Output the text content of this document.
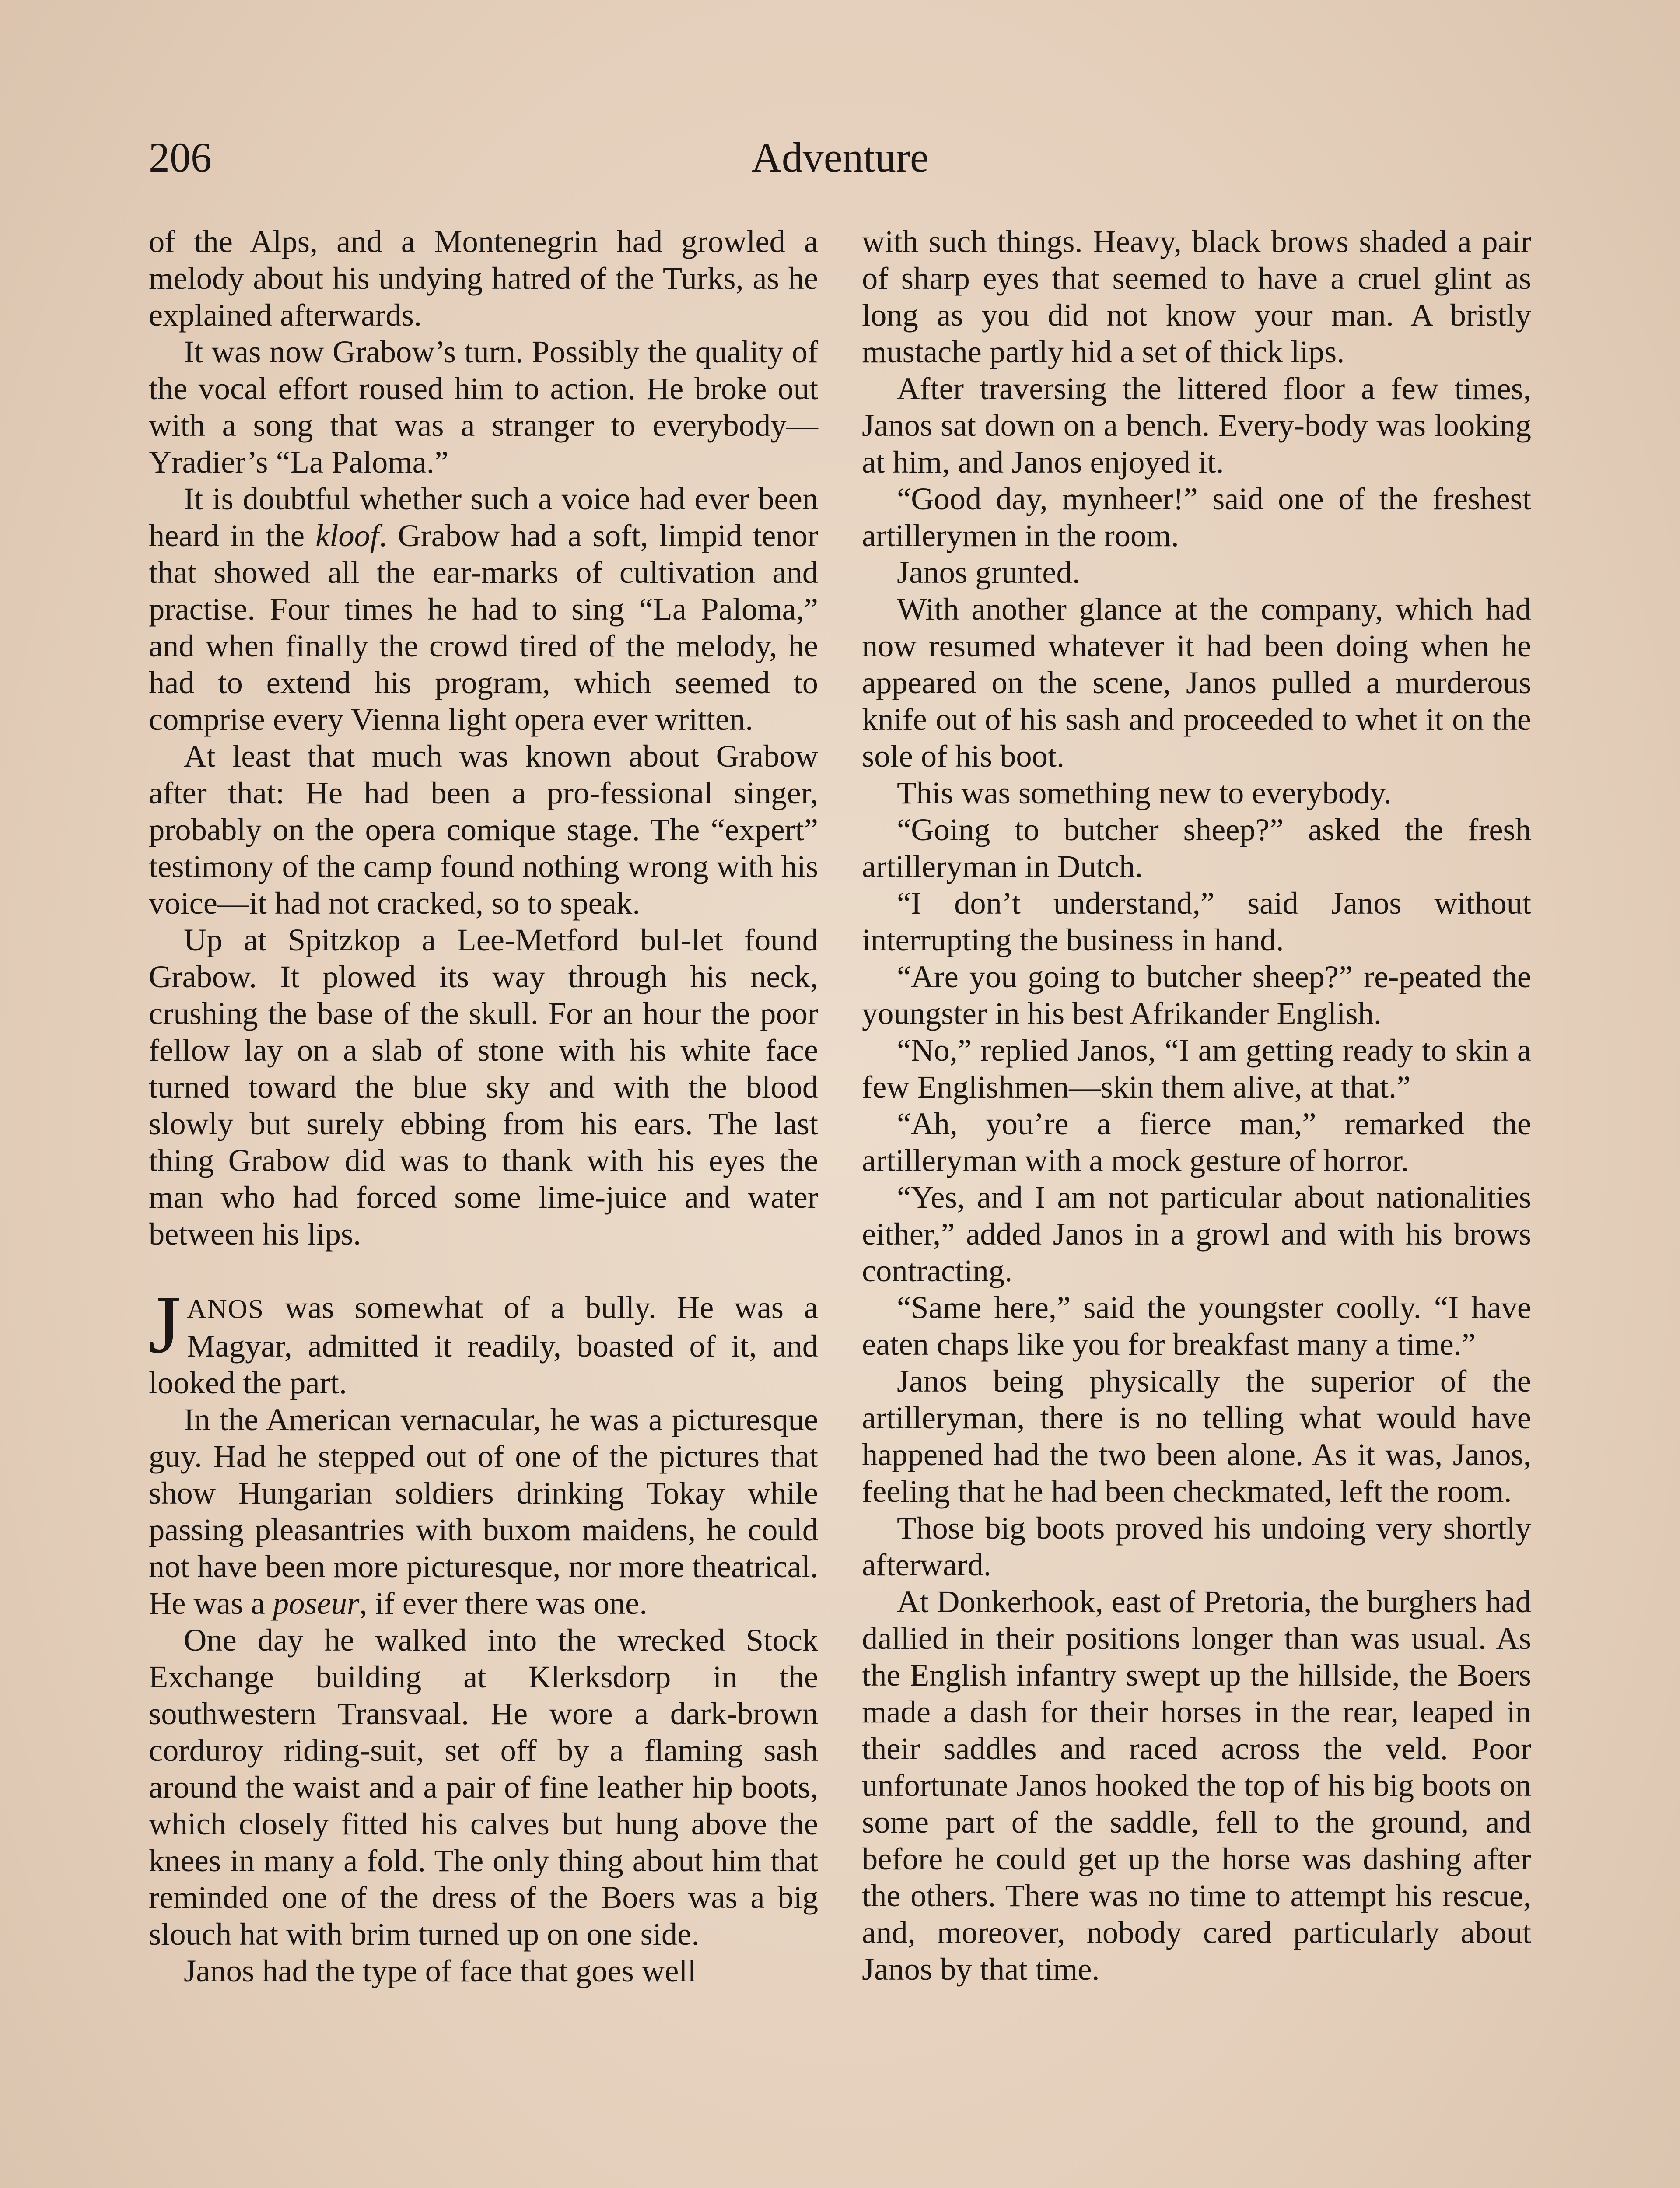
206	Adventure

of the Alps, and a Montenegrin had growled a melody about his undying hatred of the Turks, as he explained afterwards.

It was now Grabow’s turn. Possibly the quality of the vocal effort roused him to action. He broke out with a song that was a stranger to everybody—Yradier’s “La Paloma.”

It is doubtful whether such a voice had ever been heard in the kloof. Grabow had a soft, limpid tenor that showed all the ear-marks of cultivation and practise. Four times he had to sing “La Paloma,” and when finally the crowd tired of the melody, he had to extend his program, which seemed to comprise every Vienna light opera ever written.

At least that much was known about Grabow after that: He had been a pro-fessional singer, probably on the opera comique stage. The “expert” testimony of the camp found nothing wrong with his voice—it had not cracked, so to speak.

Up at Spitzkop a Lee-Metford bul-let found Grabow. It plowed its way through his neck, crushing the base of the skull. For an hour the poor fellow lay on a slab of stone with his white face turned toward the blue sky and with the blood slowly but surely ebbing from his ears. The last thing Grabow did was to thank with his eyes the man who had forced some lime-juice and water between his lips.

JANOS was somewhat of a bully. He was a Magyar, admitted it readily, boasted of it, and looked the part.

In the American vernacular, he was a picturesque guy. Had he stepped out of one of the pictures that show Hungarian soldiers drinking Tokay while passing pleasantries with buxom maidens, he could not have been more picturesque, nor more theatrical. He was a poseur, if ever there was one.

One day he walked into the wrecked Stock Exchange building at Klerksdorp in the southwestern Transvaal. He wore a dark-brown corduroy riding-suit, set off by a flaming sash around the waist and a pair of fine leather hip boots, which closely fitted his calves but hung above the knees in many a fold. The only thing about him that reminded one of the dress of the Boers was a big slouch hat with brim turned up on one side.

Janos had the type of face that goes well

with such things. Heavy, black brows shaded a pair of sharp eyes that seemed to have a cruel glint as long as you did not know your man. A bristly mustache partly hid a set of thick lips.

After traversing the littered floor a few times, Janos sat down on a bench. Every-body was looking at him, and Janos enjoyed it.

“Good day, mynheer!” said one of the freshest artillerymen in the room.

Janos grunted.

With another glance at the company, which had now resumed whatever it had been doing when he appeared on the scene, Janos pulled a murderous knife out of his sash and proceeded to whet it on the sole of his boot.

This was something new to everybody.

“Going to butcher sheep?” asked the fresh artilleryman in Dutch.

“I don’t understand,” said Janos without interrupting the business in hand.

“Are you going to butcher sheep?” re-peated the youngster in his best Afrikander English.

“No,” replied Janos, “I am getting ready to skin a few Englishmen—skin them alive, at that.”

“Ah, you’re a fierce man,” remarked the artilleryman with a mock gesture of horror.

“Yes, and I am not particular about nationalities either,” added Janos in a growl and with his brows contracting.

“Same here,” said the youngster coolly. “I have eaten chaps like you for breakfast many a time.”

Janos being physically the superior of the artilleryman, there is no telling what would have happened had the two been alone. As it was, Janos, feeling that he had been checkmated, left the room.

Those big boots proved his undoing very shortly afterward.

At Donkerhook, east of Pretoria, the burghers had dallied in their positions longer than was usual. As the English infantry swept up the hillside, the Boers made a dash for their horses in the rear, leaped in their saddles and raced across the veld. Poor unfortunate Janos hooked the top of his big boots on some part of the saddle, fell to the ground, and before he could get up the horse was dashing after the others. There was no time to attempt his rescue, and, moreover, nobody cared particularly about Janos by that time.
